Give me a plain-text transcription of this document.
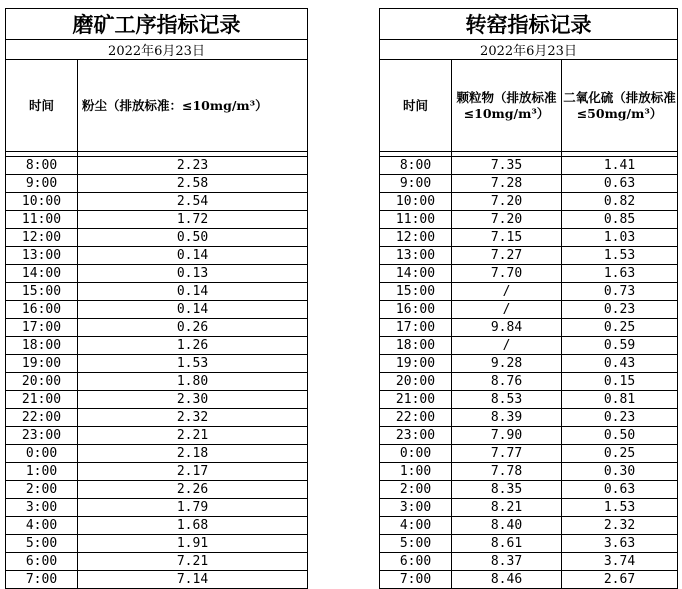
磨矿工序指标记录	
2022年6月23日	
时间	粉尘（排放标准：≤10mg/m³）

8:00	2.23
9:00	2.58
10:00	2.54
11:00	1.72
12:00	0.50
13:00	0.14
14:00	0.13
15:00	0.14
16:00	0.14
17:00	0.26
18:00	1.26
19:00	1.53
20:00	1.80
21:00	2.30
22:00	2.32
23:00	2.21
0:00	2.18
1:00	2.17
2:00	2.26
3:00	1.79
4:00	1.68
5:00	1.91
6:00	7.21
7:00	7.14
转窑指标记录		
2022年6月23日		
时间	颗粒物（排放标准≤10mg/m³）	二氧化硫（排放标准≤50mg/m³）

8:00	7.35	1.41
9:00	7.28	0.63
10:00	7.20	0.82
11:00	7.20	0.85
12:00	7.15	1.03
13:00	7.27	1.53
14:00	7.70	1.63
15:00	/	0.73
16:00	/	0.23
17:00	9.84	0.25
18:00	/	0.59
19:00	9.28	0.43
20:00	8.76	0.15
21:00	8.53	0.81
22:00	8.39	0.23
23:00	7.90	0.50
0:00	7.77	0.25
1:00	7.78	0.30
2:00	8.35	0.63
3:00	8.21	1.53
4:00	8.40	2.32
5:00	8.61	3.63
6:00	8.37	3.74
7:00	8.46	2.67
